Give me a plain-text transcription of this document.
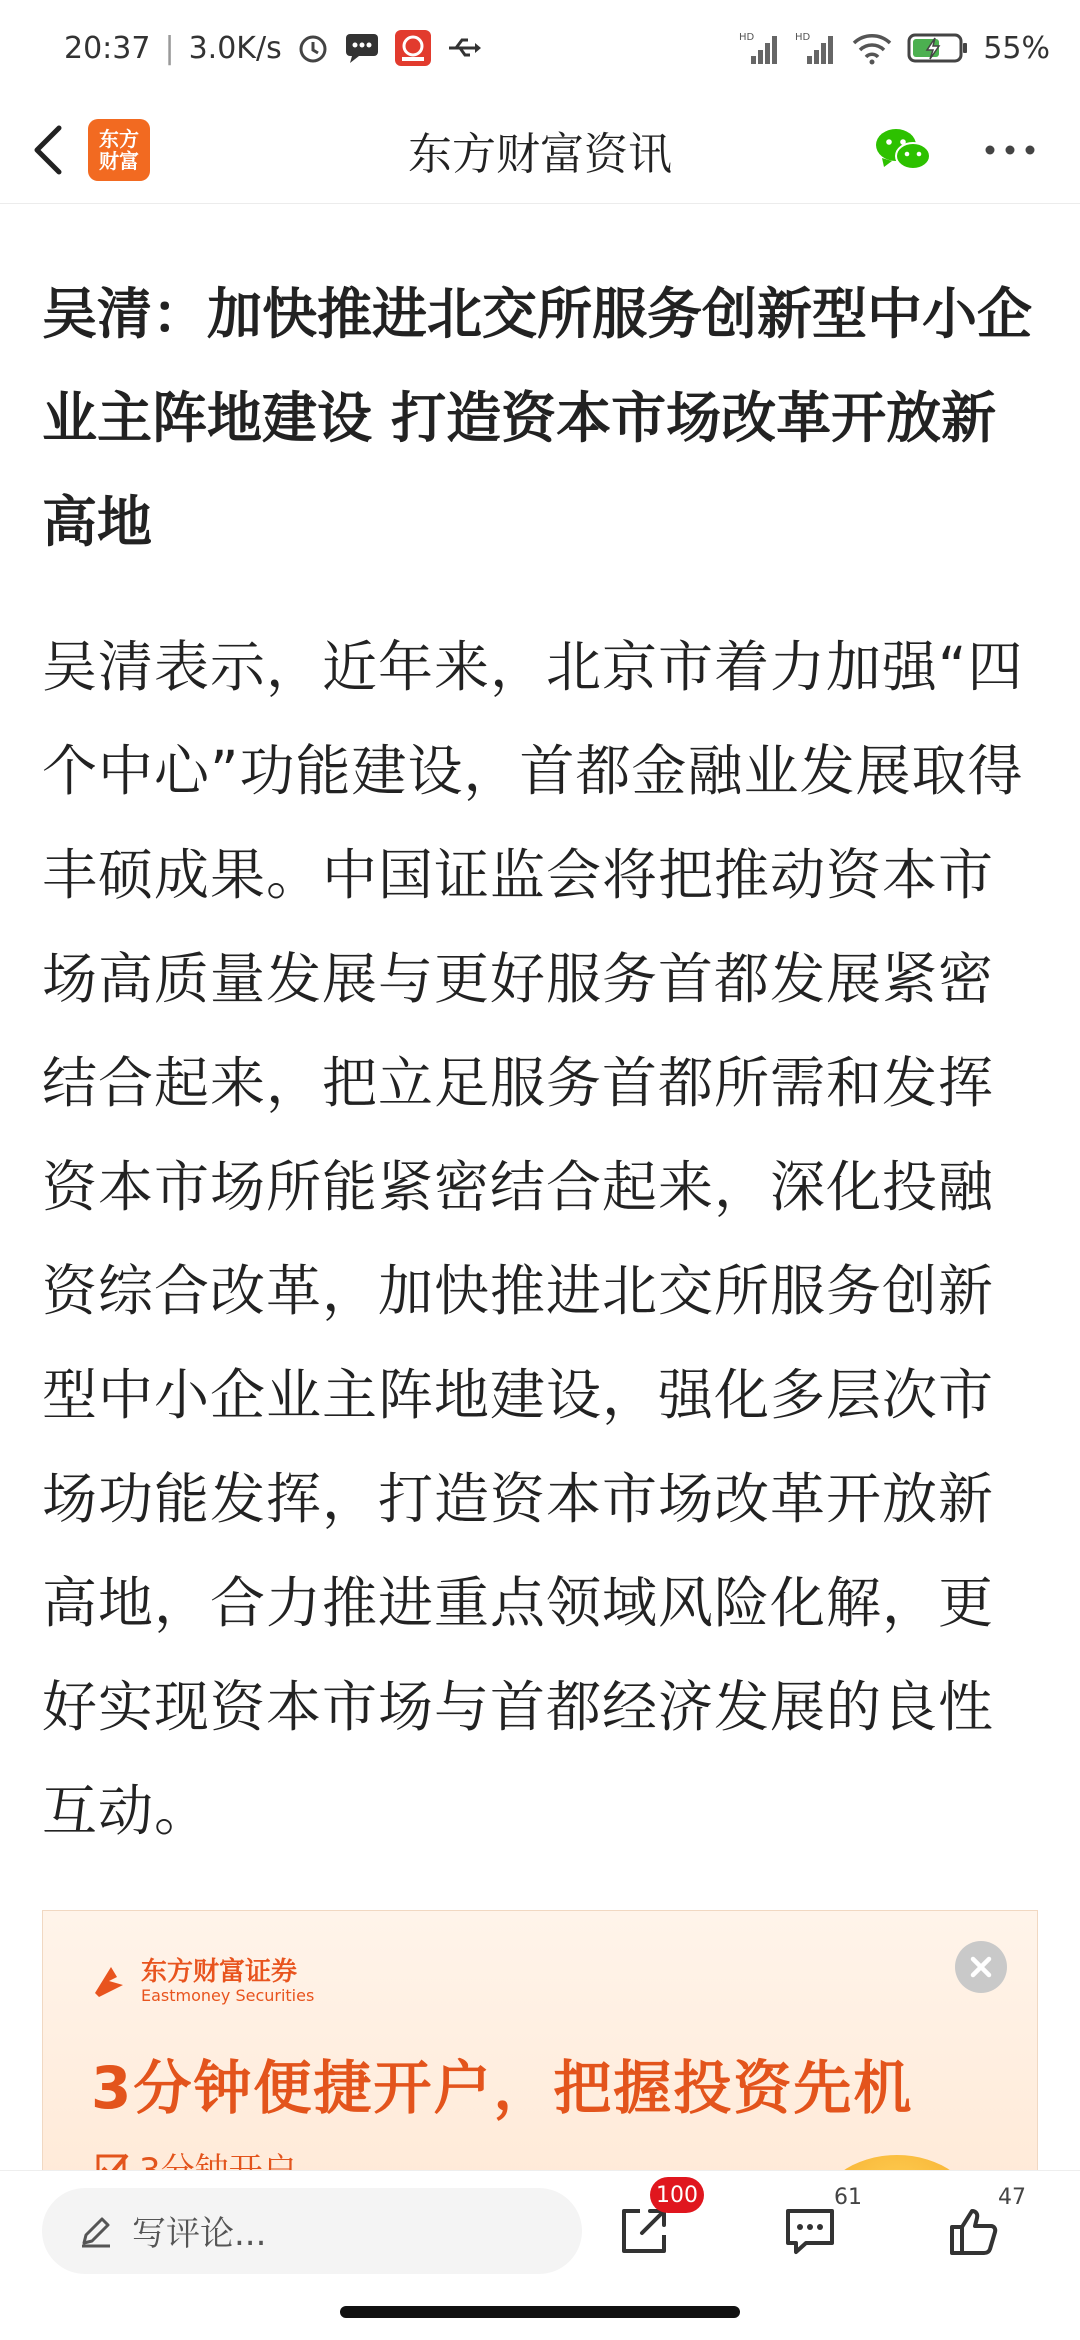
20:37 | 3.0K/s	HD	HD	55%
东方
财富	东方财富资讯
吴清：加快推进北交所服务创新型中小企业主阵地建设 打造资本市场改革开放新高地

吴清表示，近年来，北京市着力加强“四个中心”功能建设，首都金融业发展取得丰硕成果。中国证监会将把推动资本市场高质量发展与更好服务首都发展紧密结合起来，把立足服务首都所需和发挥资本市场所能紧密结合起来，深化投融资综合改革，加快推进北交所服务创新型中小企业主阵地建设，强化多层次市场功能发挥，打造资本市场改革开放新高地，合力推进重点领域风险化解，更好实现资本市场与首都经济发展的良性互动。

东方财富证券
Eastmoney Securities
3分钟便捷开户，把握投资先机
写评论...
100	61	47
